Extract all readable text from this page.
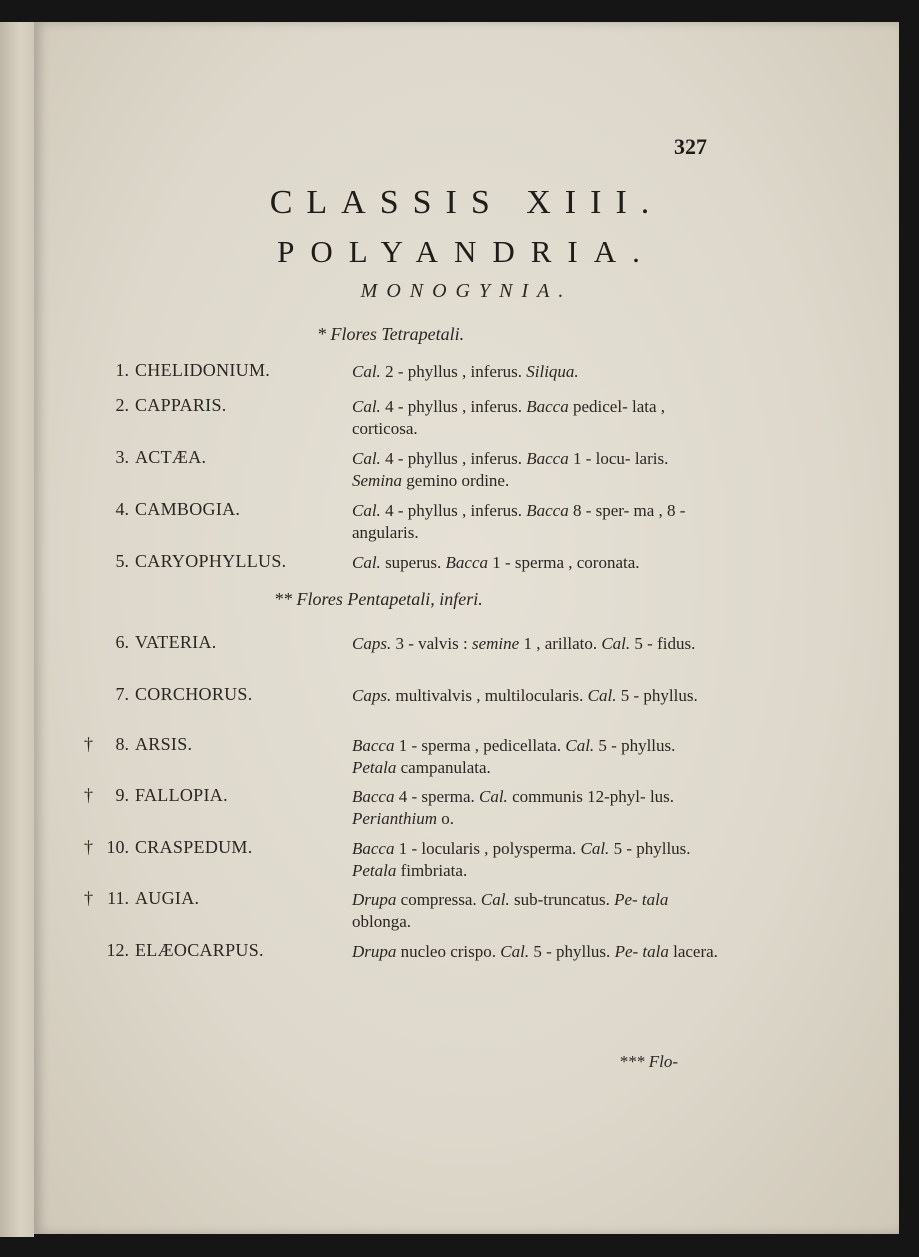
327
CLASSIS XIII.
POLYANDRIA.
MONOGYNIA.
* Flores Tetrapetali.
** Flores Pentapetali, inferi.
1. CHELIDONIUM.	Cal. 2 - phyllus , inferus. Siliqua.
2. CAPPARIS.	Cal. 4 - phyllus , inferus. Bacca pedicel- lata , corticosa.
3. ACTÆA.	Cal. 4 - phyllus , inferus. Bacca 1 - locu- laris. Semina gemino ordine.
4. CAMBOGIA.	Cal. 4 - phyllus , inferus. Bacca 8 - sper- ma , 8 - angularis.
5. CARYOPHYLLUS.	Cal. superus. Bacca 1 - sperma , coronata.
6. VATERIA.	Caps. 3 - valvis : semine 1 , arillato. Cal. 5 - fidus.
7. CORCHORUS.	Caps. multivalvis , multilocularis. Cal. 5 - phyllus.
†	8. ARSIS.	Bacca 1 - sperma , pedicellata. Cal. 5 - phyllus. Petala campanulata.
†	9. FALLOPIA.	Bacca 4 - sperma. Cal. communis 12-phyl- lus. Perianthium o.
† 10. CRASPEDUM.	Bacca 1 - locularis , polysperma. Cal. 5 - phyllus. Petala fimbriata.
† 11. AUGIA.	Drupa compressa. Cal. sub-truncatus. Pe- tala oblonga.
12. ELÆOCARPUS.	Drupa nucleo crispo. Cal. 5 - phyllus. Pe- tala lacera.
*** Flo-
